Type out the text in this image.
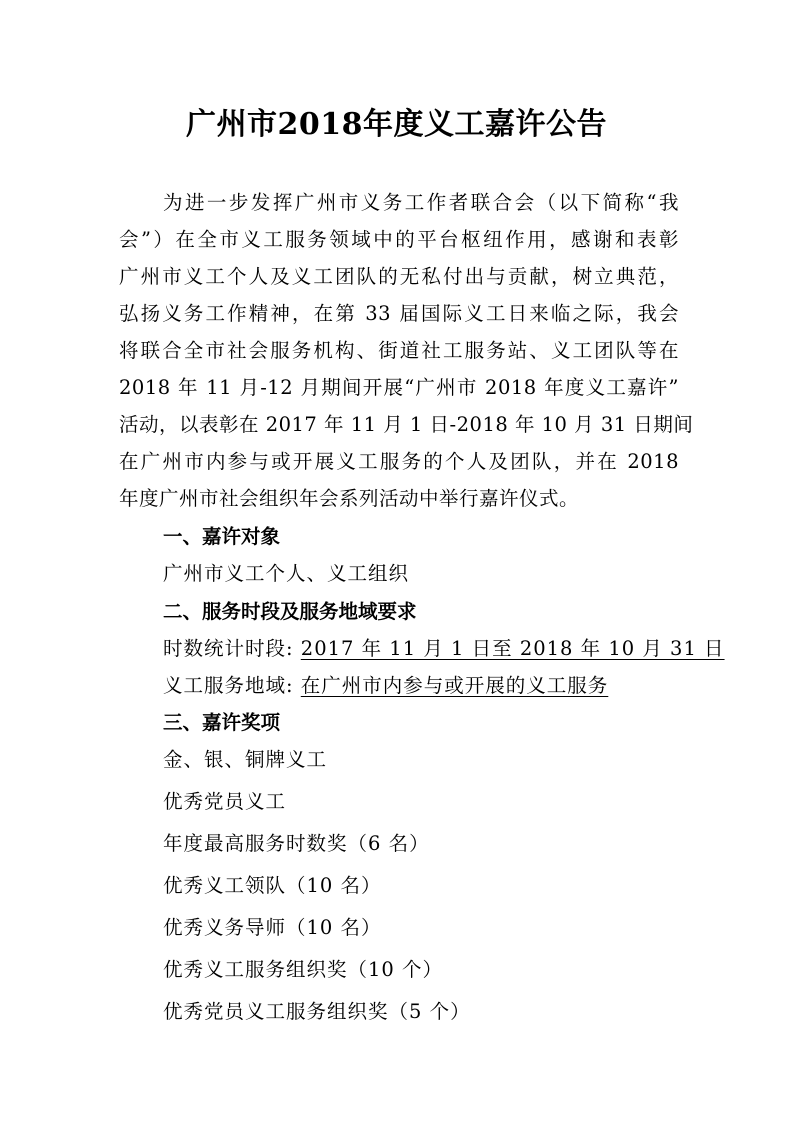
广州市2018年度义工嘉许公告
　　为进一步发挥广州市义务工作者联合会（以下简称“我
会”）在全市义工服务领域中的平台枢纽作用，感谢和表彰
广州市义工个人及义工团队的无私付出与贡献，树立典范，
弘扬义务工作精神，在第 33 届国际义工日来临之际，我会
将联合全市社会服务机构、街道社工服务站、义工团队等在
2018 年 11 月-12 月期间开展“广州市 2018 年度义工嘉许”
活动，以表彰在 2017 年 11 月 1 日-2018 年 10 月 31 日期间
在广州市内参与或开展义工服务的个人及团队，并在 2018
年度广州市社会组织年会系列活动中举行嘉许仪式。
一、嘉许对象
广州市义工个人、义工组织
二、服务时段及服务地域要求
时数统计时段: 2017 年 11 月 1 日至 2018 年 10 月 31 日
义工服务地域: 在广州市内参与或开展的义工服务
三、嘉许奖项
金、银、铜牌义工
优秀党员义工
年度最高服务时数奖（6 名）
优秀义工领队（10 名）
优秀义务导师（10 名）
优秀义工服务组织奖（10 个）
优秀党员义工服务组织奖（5 个）
